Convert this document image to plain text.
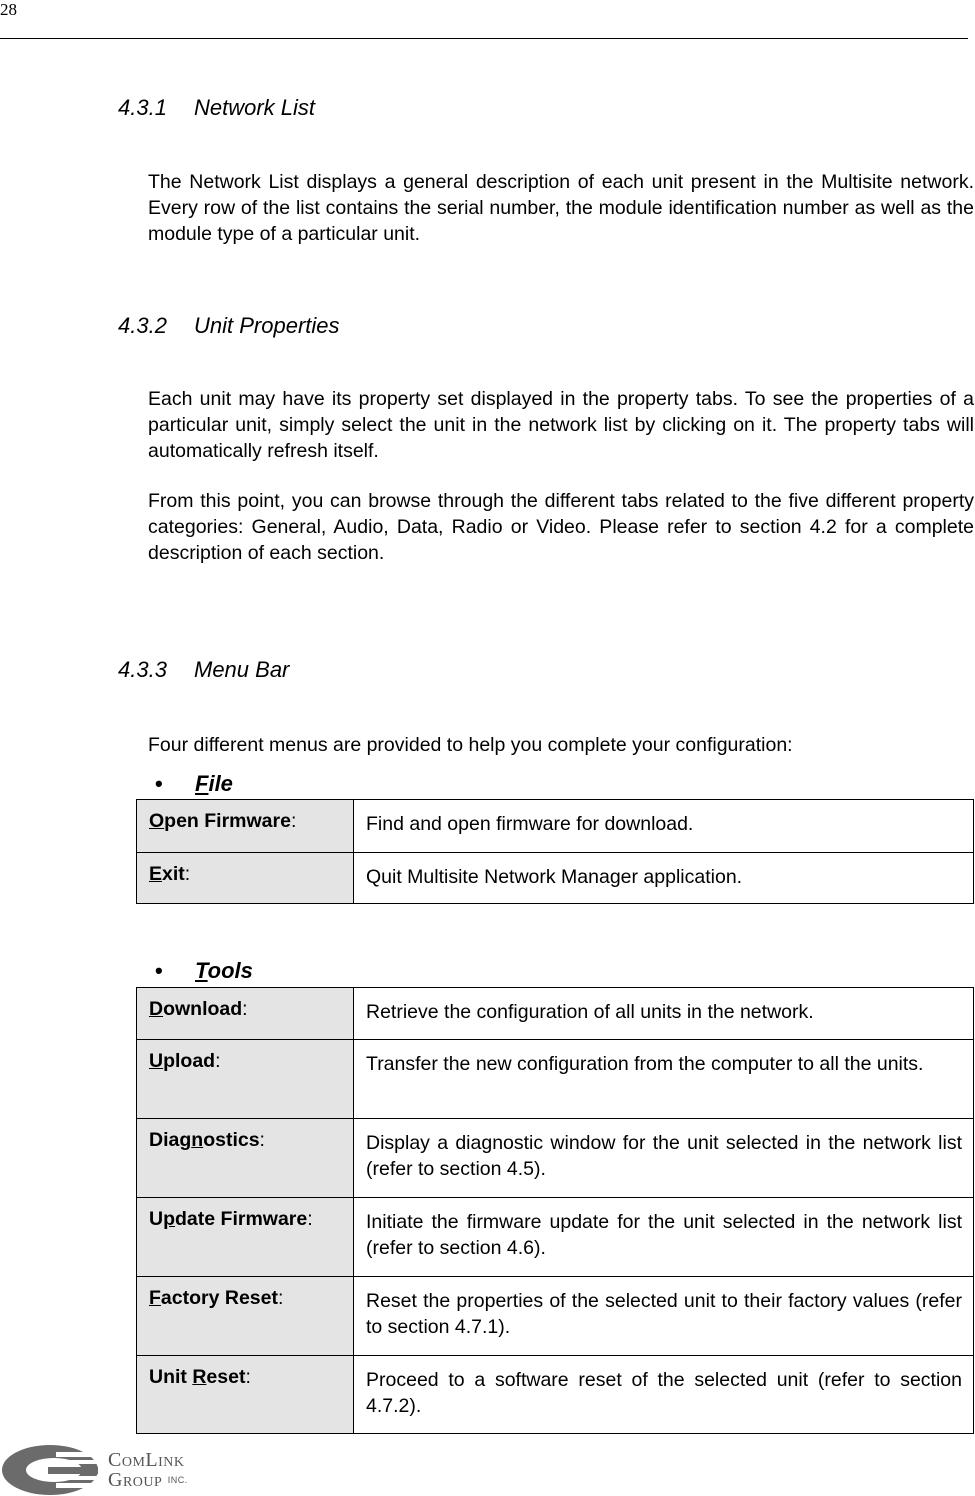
28
4.3.1 Network List
The Network List displays a general description of each unit present in the Multisite network. Every row of the list contains the serial number, the module identification number as well as the module type of a particular unit.
4.3.2 Unit Properties
Each unit may have its property set displayed in the property tabs. To see the properties of a particular unit, simply select the unit in the network list by clicking on it. The property tabs will automatically refresh itself.
From this point, you can browse through the different tabs related to the five different property categories: General, Audio, Data, Radio or Video. Please refer to section 4.2 for a complete description of each section.
4.3.3 Menu Bar
Four different menus are provided to help you complete your configuration:
• File
Open Firmware:	Find and open firmware for download.
Exit:	Quit Multisite Network Manager application.
• Tools
Download:	Retrieve the configuration of all units in the network.
Upload:	Transfer the new configuration from the computer to all the units.
Diagnostics:	Display a diagnostic window for the unit selected in the network list (refer to section 4.5).
Update Firmware:	Initiate the firmware update for the unit selected in the network list (refer to section 4.6).
Factory Reset:	Reset the properties of the selected unit to their factory values (refer to section 4.7.1).
Unit Reset:	Proceed to a software reset of the selected unit (refer to section 4.7.2).
ComLink
Group $^{INC.}$
